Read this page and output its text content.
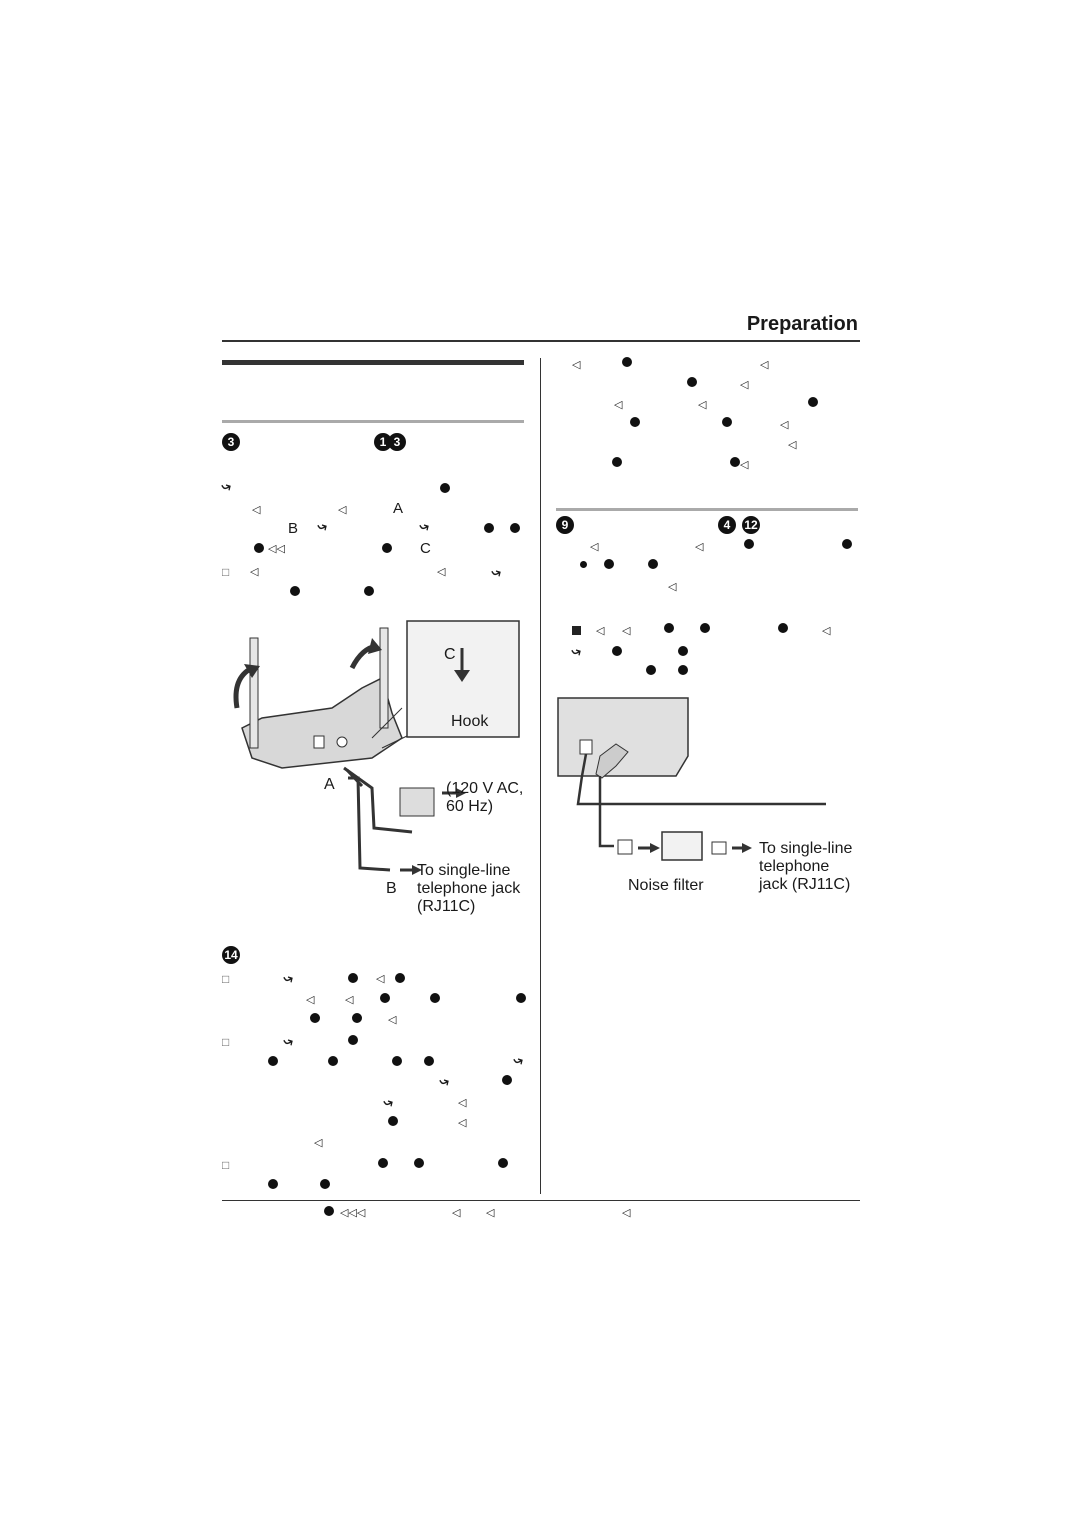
Preparation
3	1 3
⤷
◁	◁	A
B ⤷	⤷
◁◁	C
□ ◁	◁	⤷
C
Hook
A	(120 V AC,
60 Hz)
To single-line
telephone jack
(RJ11C)
B
14
□	⤷	◁
◁	◁
◁
□	⤷
⤷
⤷
⤷	◁
◁
◁
□
◁	◁
◁
◁	◁
◁
◁
◁
9	4	12
◁	◁
◁
◁ ◁	◁
⤷
Noise filter
To single-line
telephone
jack (RJ11C)
◁◁◁	◁ ◁	◁
